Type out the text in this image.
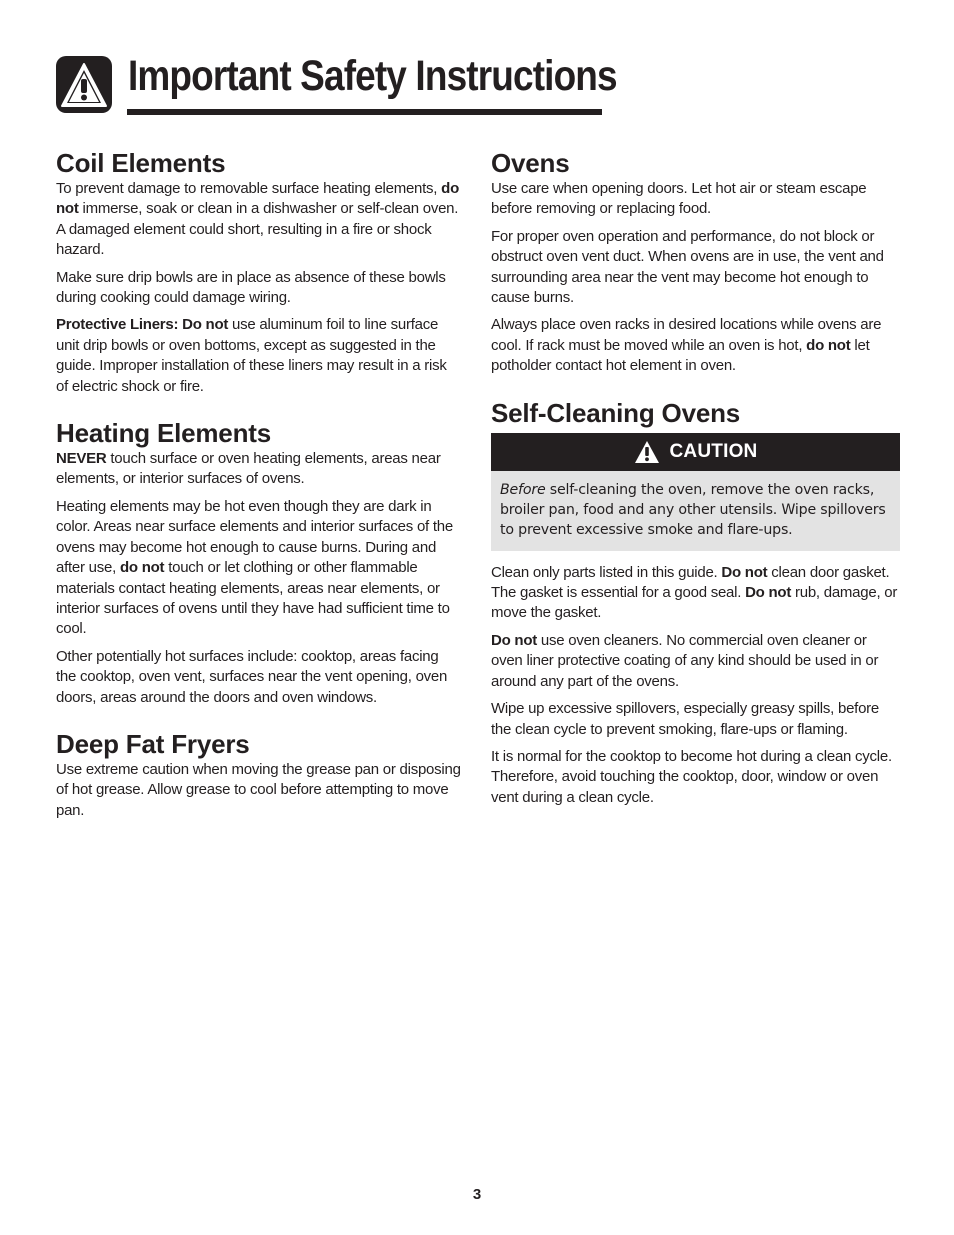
Important Safety Instructions
Coil Elements

To prevent damage to removable surface heating elements, do not immerse, soak or clean in a dishwasher or self-clean oven. A damaged element could short, resulting in a fire or shock hazard.

Make sure drip bowls are in place as absence of these bowls during cooking could damage wiring.

Protective Liners: Do not use aluminum foil to line surface unit drip bowls or oven bottoms, except as suggested in the guide. Improper installation of these liners may result in a risk of electric shock or fire.

Heating Elements

NEVER touch surface or oven heating elements, areas near elements, or interior surfaces of ovens.

Heating elements may be hot even though they are dark in color. Areas near surface elements and interior surfaces of the ovens may become hot enough to cause burns. During and after use, do not touch or let clothing or other flammable materials contact heating elements, areas near elements, or interior surfaces of ovens until they have had sufficient time to cool.

Other potentially hot surfaces include: cooktop, areas facing the cooktop, oven vent, surfaces near the vent opening, oven doors, areas around the doors and oven windows.

Deep Fat Fryers

Use extreme caution when moving the grease pan or disposing of hot grease. Allow grease to cool before attempting to move pan.

Ovens

Use care when opening doors. Let hot air or steam escape before removing or replacing food.

For proper oven operation and performance, do not block or obstruct oven vent duct. When ovens are in use, the vent and surrounding area near the vent may become hot enough to cause burns.

Always place oven racks in desired locations while ovens are cool. If rack must be moved while an oven is hot, do not let potholder contact hot element in oven.

Self-Cleaning Ovens
CAUTION
Before self-cleaning the oven, remove the oven racks, broiler pan, food and any other utensils. Wipe spillovers to prevent excessive smoke and flare-ups.

Clean only parts listed in this guide. Do not clean door gasket. The gasket is essential for a good seal. Do not rub, damage, or move the gasket.

Do not use oven cleaners. No commercial oven cleaner or oven liner protective coating of any kind should be used in or around any part of the ovens.

Wipe up excessive spillovers, especially greasy spills, before the clean cycle to prevent smoking, flare-ups or flaming.

It is normal for the cooktop to become hot during a clean cycle. Therefore, avoid touching the cooktop, door, window or oven vent during a clean cycle.

3
